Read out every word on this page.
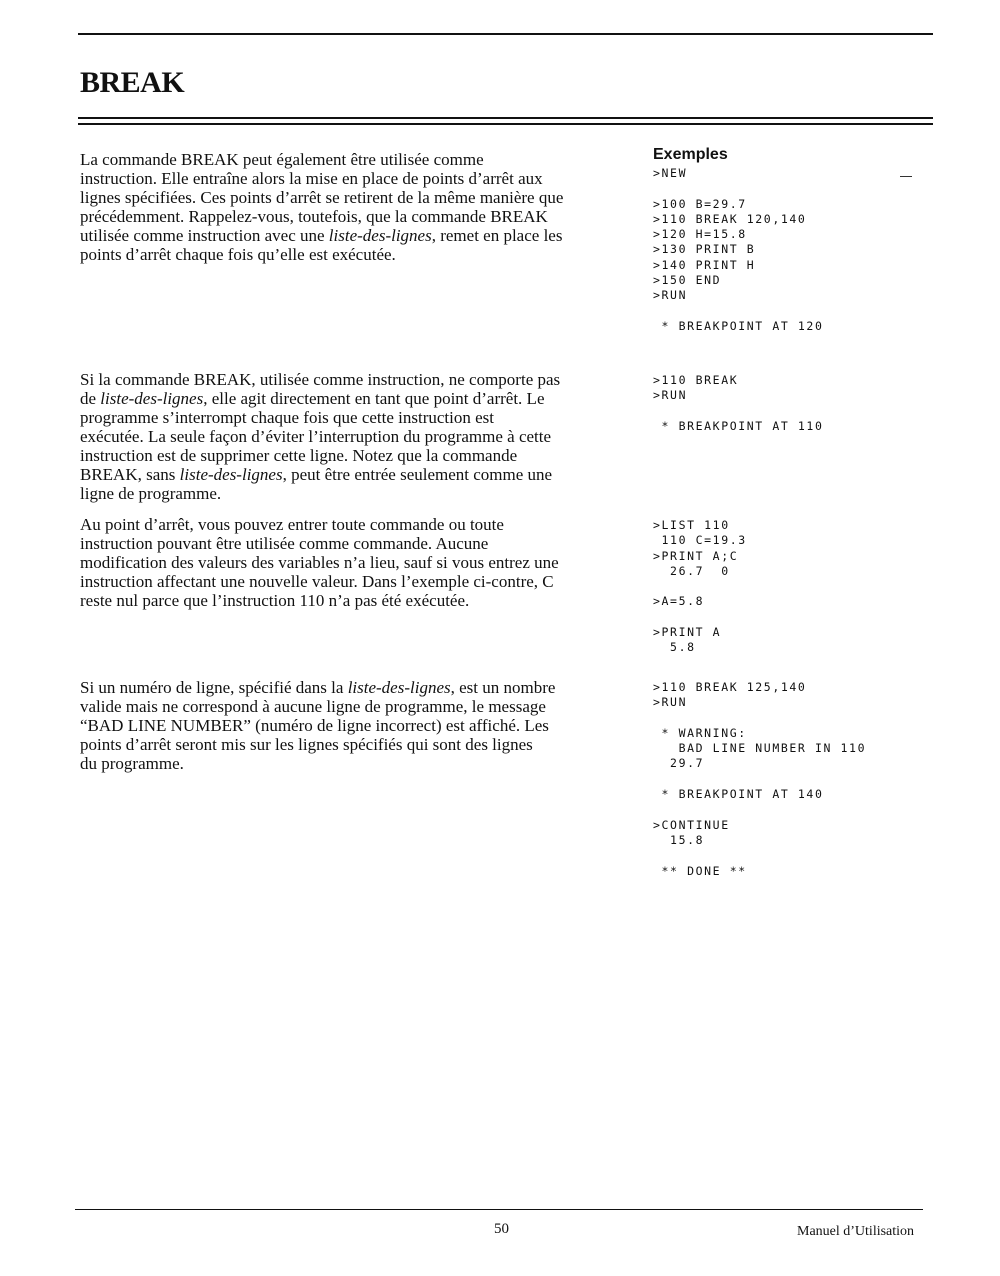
BREAK

La commande BREAK peut également être utilisée comme
instruction. Elle entraîne alors la mise en place de points d’arrêt aux
lignes spécifiées. Ces points d’arrêt se retirent de la même manière que
précédemment. Rappelez-vous, toutefois, que la commande BREAK
utilisée comme instruction avec une liste-des-lignes, remet en place les
points d’arrêt chaque fois qu’elle est exécutée.

Si la commande BREAK, utilisée comme instruction, ne comporte pas
de liste-des-lignes, elle agit directement en tant que point d’arrêt. Le
programme s’interrompt chaque fois que cette instruction est
exécutée. La seule façon d’éviter l’interruption du programme à cette
instruction est de supprimer cette ligne. Notez que la commande
BREAK, sans liste-des-lignes, peut être entrée seulement comme une
ligne de programme.

Au point d’arrêt, vous pouvez entrer toute commande ou toute
instruction pouvant être utilisée comme commande. Aucune
modification des valeurs des variables n’a lieu, sauf si vous entrez une
instruction affectant une nouvelle valeur. Dans l’exemple ci-contre, C
reste nul parce que l’instruction 110 n’a pas été exécutée.

Si un numéro de ligne, spécifié dans la liste-des-lignes, est un nombre
valide mais ne correspond à aucune ligne de programme, le message
“BAD LINE NUMBER” (numéro de ligne incorrect) est affiché. Les
points d’arrêt seront mis sur les lignes spécifiés qui sont des lignes
du programme.

Exemples
>NEW

>100 B=29.7
>110 BREAK 120,140
>120 H=15.8
>130 PRINT B
>140 PRINT H
>150 END
>RUN

* BREAKPOINT AT 120
>110 BREAK
>RUN

* BREAKPOINT AT 110
>LIST 110
110 C=19.3
>PRINT A;C
26.7  0

>A=5.8

>PRINT A
5.8
>110 BREAK 125,140
>RUN

* WARNING:
BAD LINE NUMBER IN 110
29.7

* BREAKPOINT AT 140

>CONTINUE
15.8

** DONE **

50	Manuel d’Utilisation
